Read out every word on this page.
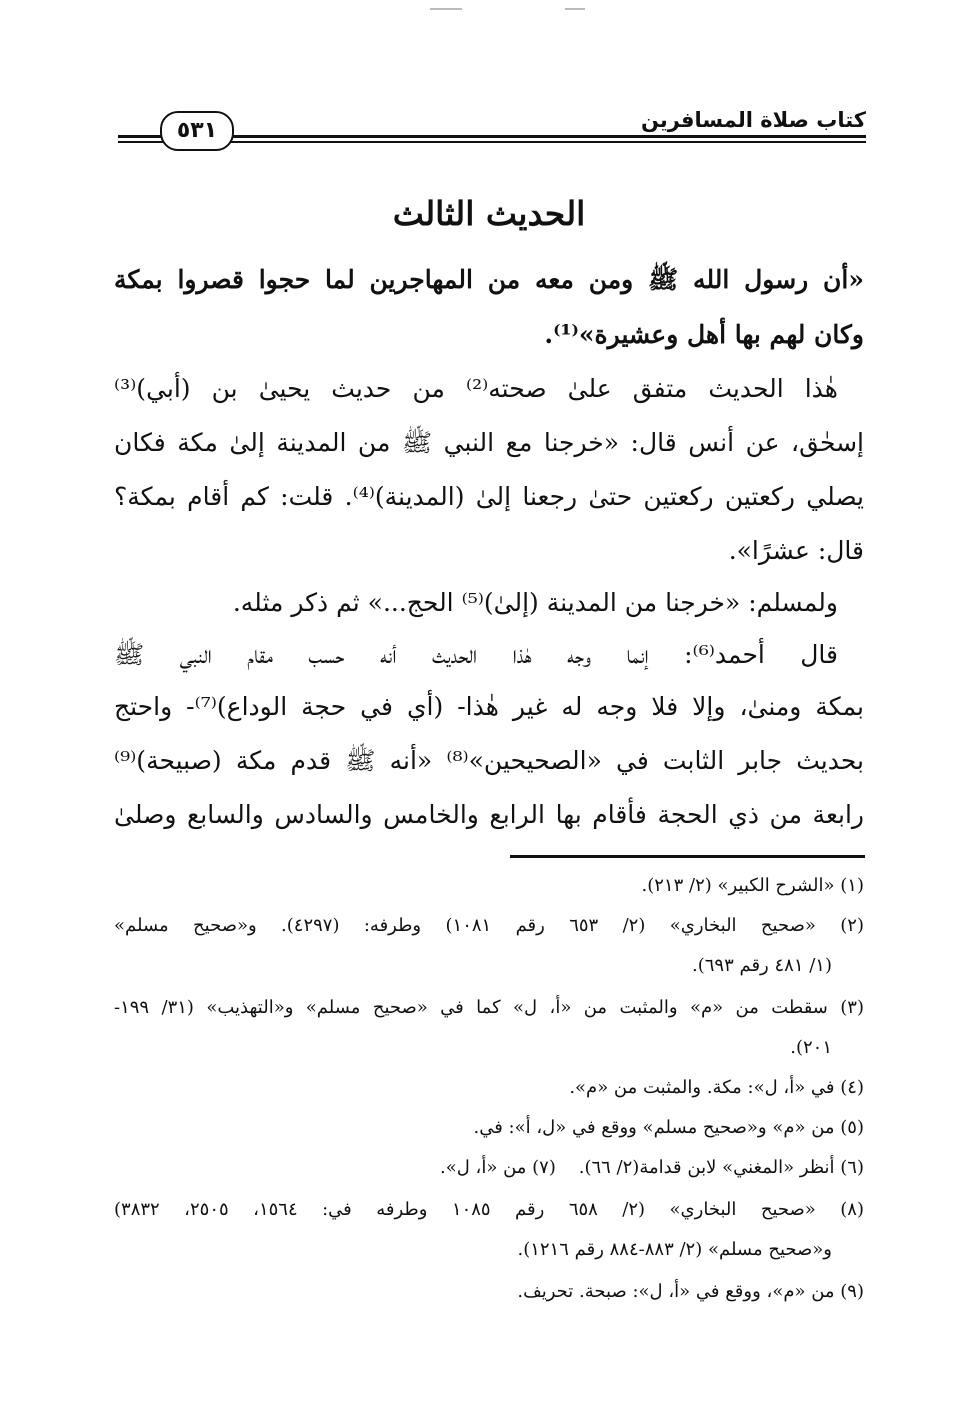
كتاب صلاة المسافرين
٥٣١
الحديث الثالث
«أن رسول الله ﷺ ومن معه من المهاجرين لما حجوا قصروا بمكة
وكان لهم بها أهل وعشيرة»⁽¹⁾.
هٰذا الحديث متفق علىٰ صحته⁽²⁾ من حديث يحيىٰ بن (أبي)⁽³⁾
إسحٰق، عن أنس قال: «خرجنا مع النبي ﷺ من المدينة إلىٰ مكة فكان
يصلي ركعتين ركعتين حتىٰ رجعنا إلىٰ (المدينة)⁽⁴⁾. قلت: كم أقام بمكة؟
قال: عشرًا».
ولمسلم: «خرجنا من المدينة (إلىٰ)⁽⁵⁾ الحج...» ثم ذكر مثله.
قال أحمد⁽⁶⁾: إنما وجه هٰذا الحديث أنه حسب مقام النبي ﷺ
بمكة ومنىٰ، وإلا فلا وجه له غير هٰذا- (أي في حجة الوداع)⁽⁷⁾- واحتج
بحديث جابر الثابت في «الصحيحين»⁽⁸⁾ «أنه ﷺ قدم مكة (صبيحة)⁽⁹⁾
رابعة من ذي الحجة فأقام بها الرابع والخامس والسادس والسابع وصلىٰ
(١) «الشرح الكبير» (٢/ ٢١٣).
(٢) «صحيح البخاري» (٢/ ٦٥٣ رقم ١٠٨١) وطرفه: (٤٢٩٧). و«صحيح مسلم»
(١/ ٤٨١ رقم ٦٩٣).
(٣) سقطت من «م» والمثبت من «أ، ل» كما في «صحيح مسلم» و«التهذيب» (٣١/ ١٩٩-
٢٠١).
(٤) في «أ، ل»: مكة. والمثبت من «م».
(٥) من «م» و«صحيح مسلم» ووقع في «ل، أ»: في.
(٦) أنظر «المغني» لابن قدامة(٢/ ٦٦).    (٧) من «أ، ل».
(٨) «صحيح البخاري» (٢/ ٦٥٨ رقم ١٠٨٥ وطرفه في: ١٥٦٤، ٢٥٠٥، ٣٨٣٢)
و«صحيح مسلم» (٢/ ٨٨٣-٨٨٤ رقم ١٢١٦).
(٩) من «م»، ووقع في «أ، ل»: صبحة. تحريف.
